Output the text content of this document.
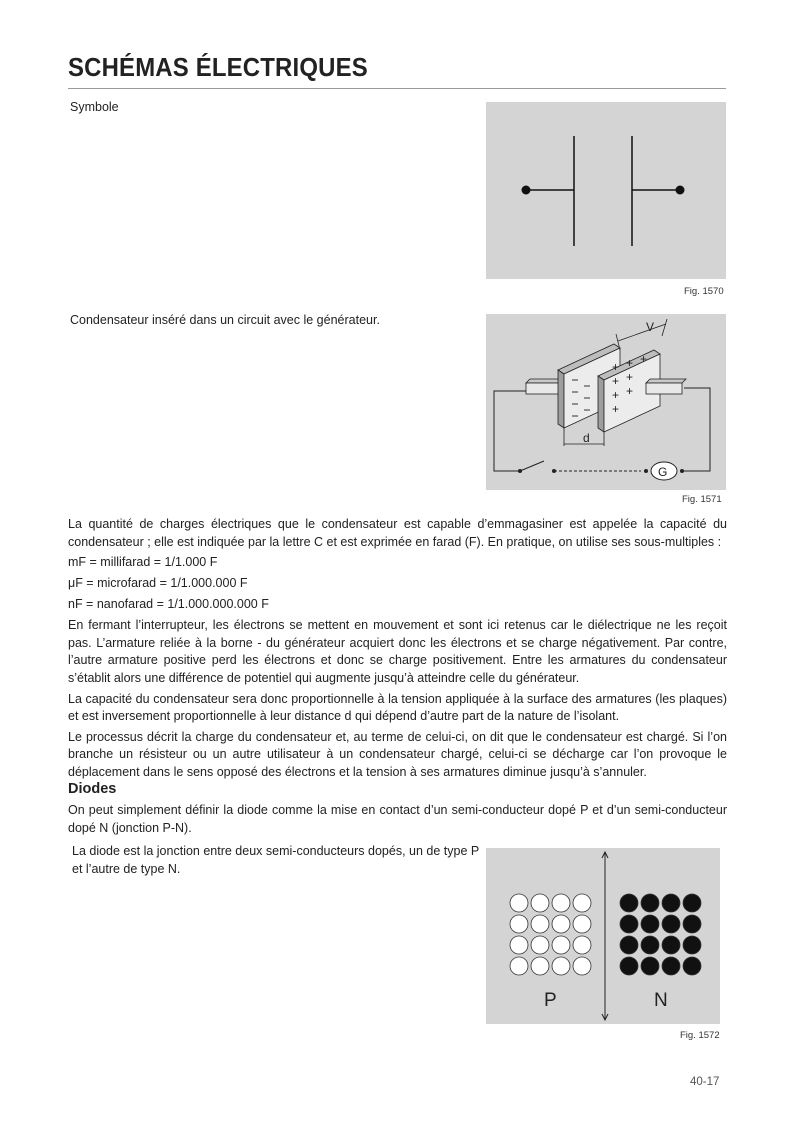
SCHÉMAS ÉLECTRIQUES
Symbole
Fig. 1570
Condensateur inséré dans un circuit avec le générateur.
G
+ + +
+ +
+ +
+
V
d
Fig. 1571

La quantité de charges électriques que le condensateur est capable d’emmagasiner est appelée la capacité du condensateur ; elle est indiquée par la lettre C et est exprimée en farad (F). En pratique, on utilise ses sous-multiples :

mF = millifarad = 1/1.000 F

μF = microfarad = 1/1.000.000 F

nF = nanofarad = 1/1.000.000.000 F

En fermant l’interrupteur, les électrons se mettent en mouvement et sont ici retenus car le diélectrique ne les reçoit pas. L’armature reliée à la borne - du générateur acquiert donc les électrons et se charge négativement. Par contre, l’autre armature positive perd les électrons et donc se charge positivement. Entre les armatures du condensateur s’établit alors une différence de potentiel qui augmente jusqu’à atteindre celle du générateur.

La capacité du condensateur sera donc proportionnelle à la tension appliquée à la surface des armatures (les plaques) et est inversement proportionnelle à leur distance d qui dépend d’autre part de la nature de l’isolant.

Le processus décrit la charge du condensateur et, au terme de celui-ci, on dit que le condensateur est chargé. Si l’on branche un résisteur ou un autre utilisateur à un condensateur chargé, celui-ci se décharge car l’on provoque le déplacement dans le sens opposé des électrons et la tension à ses armatures diminue jusqu’à s’annuler.

Diodes

On peut simplement définir la diode comme la mise en contact d’un semi-conducteur dopé P et d’un semi-conducteur dopé N (jonction P-N).

La diode est la jonction entre deux semi-conducteurs dopés, un de type P et l’autre de type N.
P	N
Fig. 1572
40-17
